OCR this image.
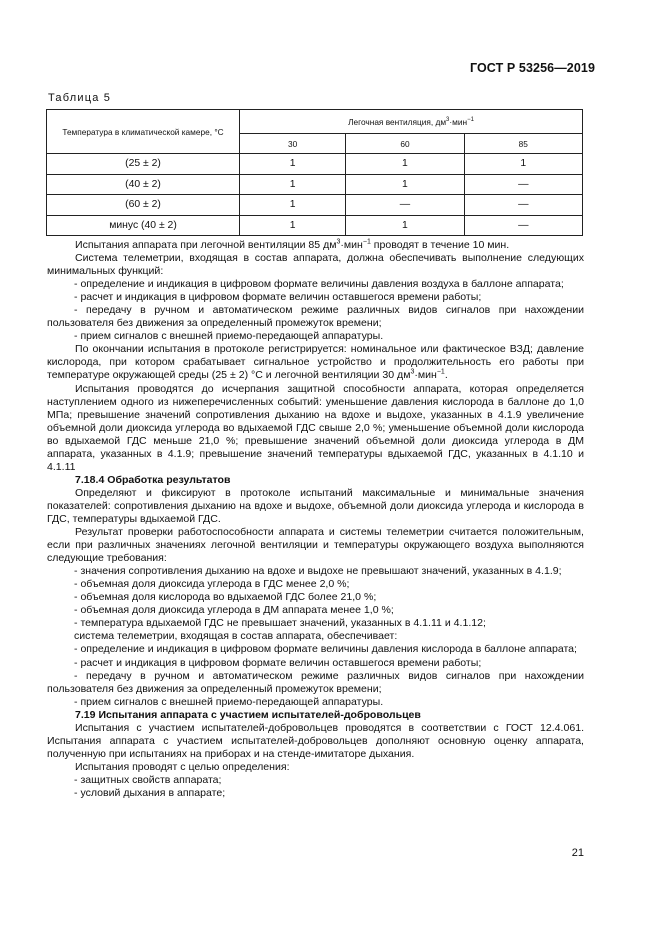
ГОСТ Р 53256—2019
Таблица 5
Температура в климатической камере, °С	Легочная вентиляция, $дм^3\cdot мин^{-1}$
	30	60	85
(25 ± 2)	1	1	1
(40 ± 2)	1	1	—
(60 ± 2)	1	—	—
минус (40 ± 2)	1	1	—

Испытания аппарата при легочной вентиляции 85 $дм^3\cdot мин^{-1}$ проводят в течение 10 мин.

Система телеметрии, входящая в состав аппарата, должна обеспечивать выполнение следующих минимальных функций:

- определение и индикация в цифровом формате величины давления воздуха в баллоне аппарата;

- расчет и индикация в цифровом формате величин оставшегося времени работы;

- передачу в ручном и автоматическом режиме различных видов сигналов при нахождении пользователя без движения за определенный промежуток времени;

- прием сигналов с внешней приемо-передающей аппаратуры.

По окончании испытания в протоколе регистрируется: номинальное или фактическое ВЗД; давление кислорода, при котором срабатывает сигнальное устройство и продолжительность его работы при температуре окружающей среды (25 ± 2) °С и легочной вентиляции 30 $дм^3\cdot мин^{-1}$.

Испытания проводятся до исчерпания защитной способности аппарата, которая определяется наступлением одного из нижеперечисленных событий: уменьшение давления кислорода в баллоне до 1,0 МПа; превышение значений сопротивления дыханию на вдохе и выдохе, указанных в 4.1.9 увеличение объемной доли диоксида углерода во вдыхаемой ГДС свыше 2,0 %; уменьшение объемной доли кислорода во вдыхаемой ГДС меньше 21,0 %; превышение значений объемной доли диоксида углерода в ДМ аппарата, указанных в 4.1.9; превышение значений температуры вдыхаемой ГДС, указанных в 4.1.10 и 4.1.11

7.18.4 Обработка результатов

Определяют и фиксируют в протоколе испытаний максимальные и минимальные значения показателей: сопротивления дыханию на вдохе и выдохе, объемной доли диоксида углерода и кислорода в ГДС, температуры вдыхаемой ГДС.

Результат проверки работоспособности аппарата и системы телеметрии считается положительным, если при различных значениях легочной вентиляции и температуры окружающего воздуха выполняются следующие требования:

- значения сопротивления дыханию на вдохе и выдохе не превышают значений, указанных в 4.1.9;

- объемная доля диоксида углерода в ГДС менее 2,0 %;

- объемная доля кислорода во вдыхаемой ГДС более 21,0 %;

- объемная доля диоксида углерода в ДМ аппарата менее 1,0 %;

- температура вдыхаемой ГДС не превышает значений, указанных в 4.1.11 и 4.1.12;

система телеметрии, входящая в состав аппарата, обеспечивает:

- определение и индикация в цифровом формате величины давления кислорода в баллоне аппарата;

- расчет и индикация в цифровом формате величин оставшегося времени работы;

- передачу в ручном и автоматическом режиме различных видов сигналов при нахождении пользователя без движения за определенный промежуток времени;

- прием сигналов с внешней приемо-передающей аппаратуры.

7.19 Испытания аппарата с участием испытателей-добровольцев

Испытания с участием испытателей-добровольцев проводятся в соответствии с ГОСТ 12.4.061. Испытания аппарата с участием испытателей-добровольцев дополняют основную оценку аппарата, полученную при испытаниях на приборах и на стенде-имитаторе дыхания.

Испытания проводят с целью определения:

- защитных свойств аппарата;

- условий дыхания в аппарате;

21
